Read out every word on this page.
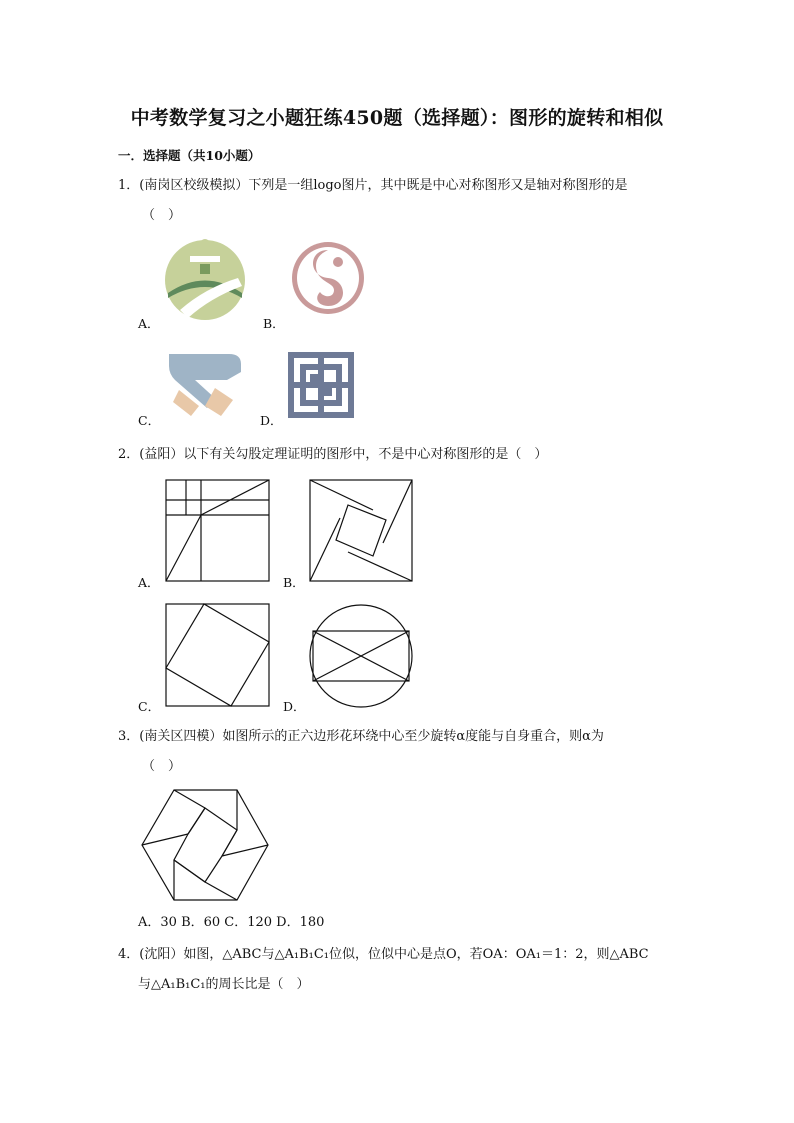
中考数学复习之小题狂练450题（选择题）：图形的旋转和相似
一．选择题（共10小题）
1．(南岗区校级模拟）下列是一组logo图片，其中既是中心对称图形又是轴对称图形的是
（　）
A．	B．
C．	D．
2．(益阳）以下有关勾股定理证明的图形中，不是中心对称图形的是（　）
A．	B．
C．	D．
3．(南关区四模）如图所示的正六边形花环绕中心至少旋转α度能与自身重合，则α为
（　）
A．30 B．60 C．120 D．180
4．(沈阳）如图，△ABC与△A₁B₁C₁位似，位似中心是点O，若OA：OA₁＝1：2，则△ABC
与△A₁B₁C₁的周长比是（　）
